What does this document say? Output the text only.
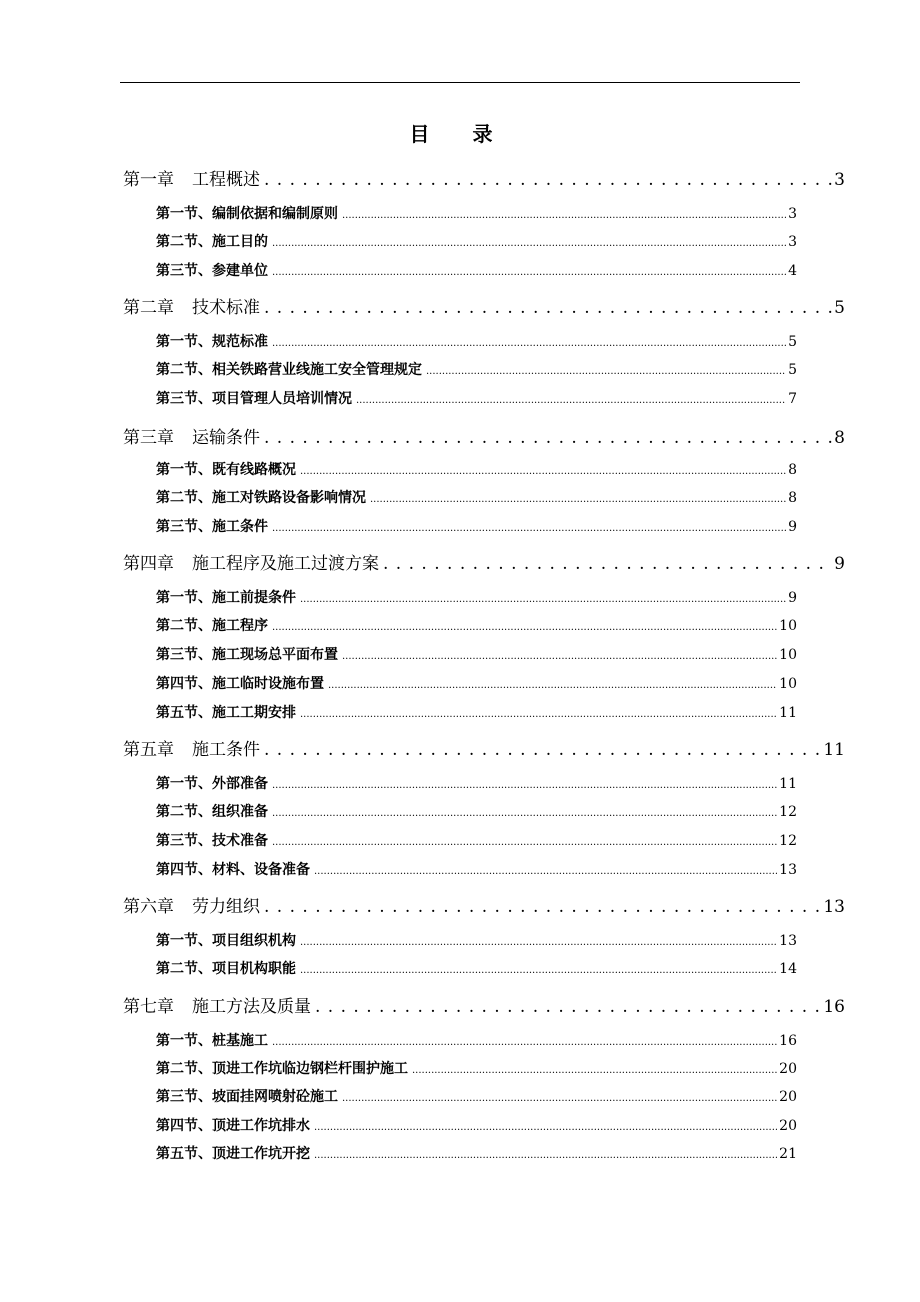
目 录
第一章 工程概述 . . .	3
第一节、编制依据和编制原则 .....	3
第二节、施工目的 .....	3
第三节、参建单位 .....	4
第二章 技术标准 . . .	5
第一节、规范标准 .....	5
第二节、相关铁路营业线施工安全管理规定 .....	5
第三节、项目管理人员培训情况 .....	7
第三章 运输条件 . . .	8
第一节、既有线路概况 .....	8
第二节、施工对铁路设备影响情况 .....	8
第三节、施工条件 .....	9
第四章 施工程序及施工过渡方案 . . .	9
第一节、施工前提条件 .....	9
第二节、施工程序 .....	10
第三节、施工现场总平面布置 .....	10
第四节、施工临时设施布置 .....	10
第五节、施工工期安排 .....	11
第五章 施工条件 . . .	11
第一节、外部准备 .....	11
第二节、组织准备 .....	12
第三节、技术准备 .....	12
第四节、材料、设备准备 .....	13
第六章 劳力组织 . . .	13
第一节、项目组织机构 .....	13
第二节、项目机构职能 .....	14
第七章 施工方法及质量 . . .	16
第一节、桩基施工 .....	16
第二节、顶进工作坑临边钢栏杆围护施工 .....	20
第三节、坡面挂网喷射砼施工 .....	20
第四节、顶进工作坑排水 .....	20
第五节、顶进工作坑开挖 .....	21
